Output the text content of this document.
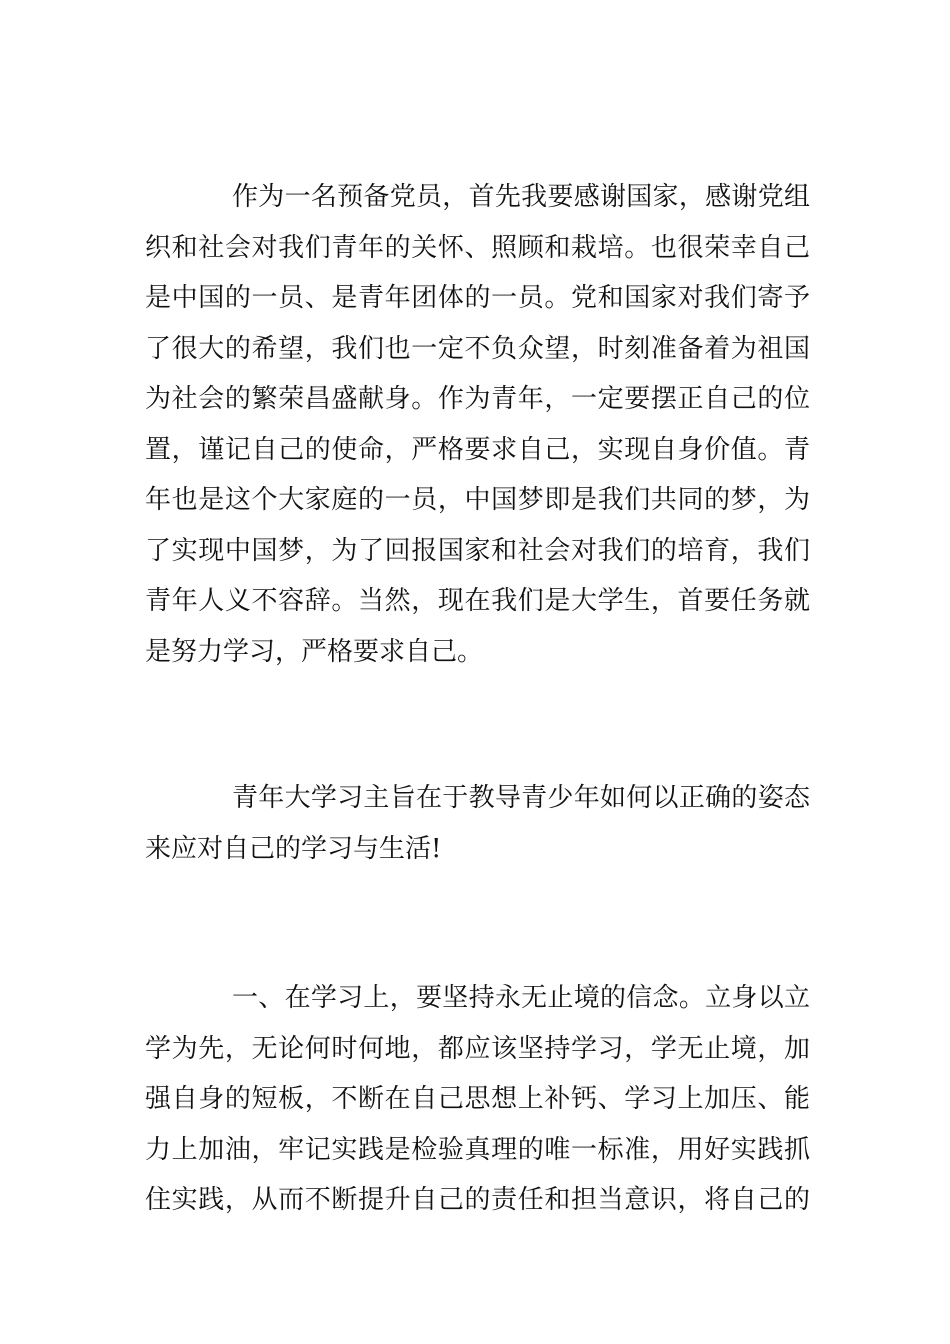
作为一名预备党员，首先我要感谢国家，感谢党组
织和社会对我们青年的关怀、照顾和栽培。也很荣幸自己
是中国的一员、是青年团体的一员。党和国家对我们寄予
了很大的希望，我们也一定不负众望，时刻准备着为祖国
为社会的繁荣昌盛献身。作为青年，一定要摆正自己的位
置，谨记自己的使命，严格要求自己，实现自身价值。青
年也是这个大家庭的一员，中国梦即是我们共同的梦，为
了实现中国梦，为了回报国家和社会对我们的培育，我们
青年人义不容辞。当然，现在我们是大学生，首要任务就
是努力学习，严格要求自己。
青年大学习主旨在于教导青少年如何以正确的姿态
来应对自己的学习与生活!
一、在学习上，要坚持永无止境的信念。立身以立
学为先，无论何时何地，都应该坚持学习，学无止境，加
强自身的短板，不断在自己思想上补钙、学习上加压、能
力上加油，牢记实践是检验真理的唯一标准，用好实践抓
住实践，从而不断提升自己的责任和担当意识，将自己的
